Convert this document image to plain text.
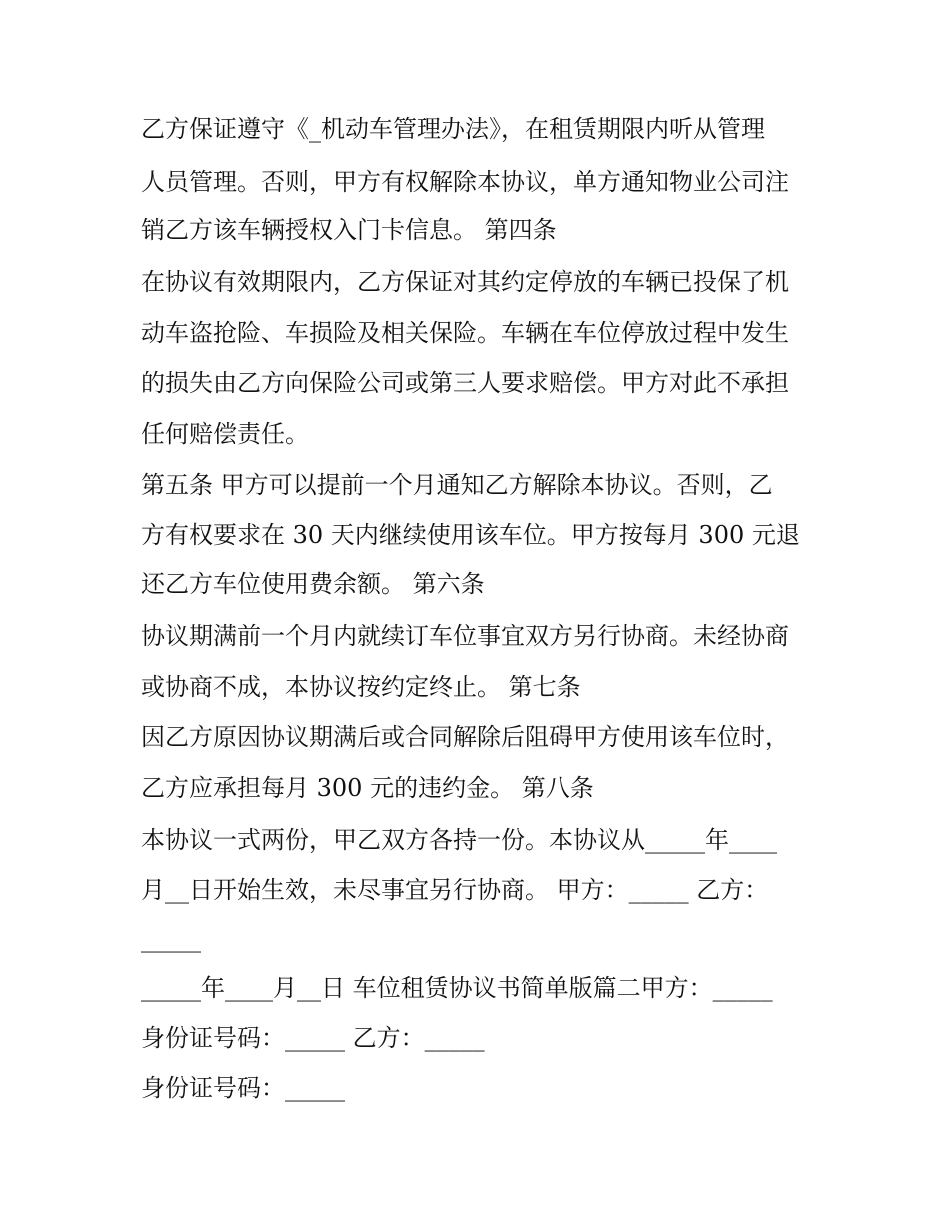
乙方保证遵守《_机动车管理办法》，在租赁期限内听从管理
人员管理。否则，甲方有权解除本协议，单方通知物业公司注
销乙方该车辆授权入门卡信息。 第四条
在协议有效期限内，乙方保证对其约定停放的车辆已投保了机
动车盗抢险、车损险及相关保险。车辆在车位停放过程中发生
的损失由乙方向保险公司或第三人要求赔偿。甲方对此不承担
任何赔偿责任。
第五条 甲方可以提前一个月通知乙方解除本协议。否则，乙
方有权要求在 30 天内继续使用该车位。甲方按每月 300 元退
还乙方车位使用费余额。 第六条
协议期满前一个月内就续订车位事宜双方另行协商。未经协商
或协商不成，本协议按约定终止。 第七条
因乙方原因协议期满后或合同解除后阻碍甲方使用该车位时，
乙方应承担每月 300 元的违约金。 第八条
本协议一式两份，甲乙双方各持一份。本协议从_____年____
月__日开始生效，未尽事宜另行协商。 甲方：_____ 乙方：
_____
_____年____月__日 车位租赁协议书简单版篇二甲方：_____
身份证号码：_____ 乙方：_____
身份证号码：_____
